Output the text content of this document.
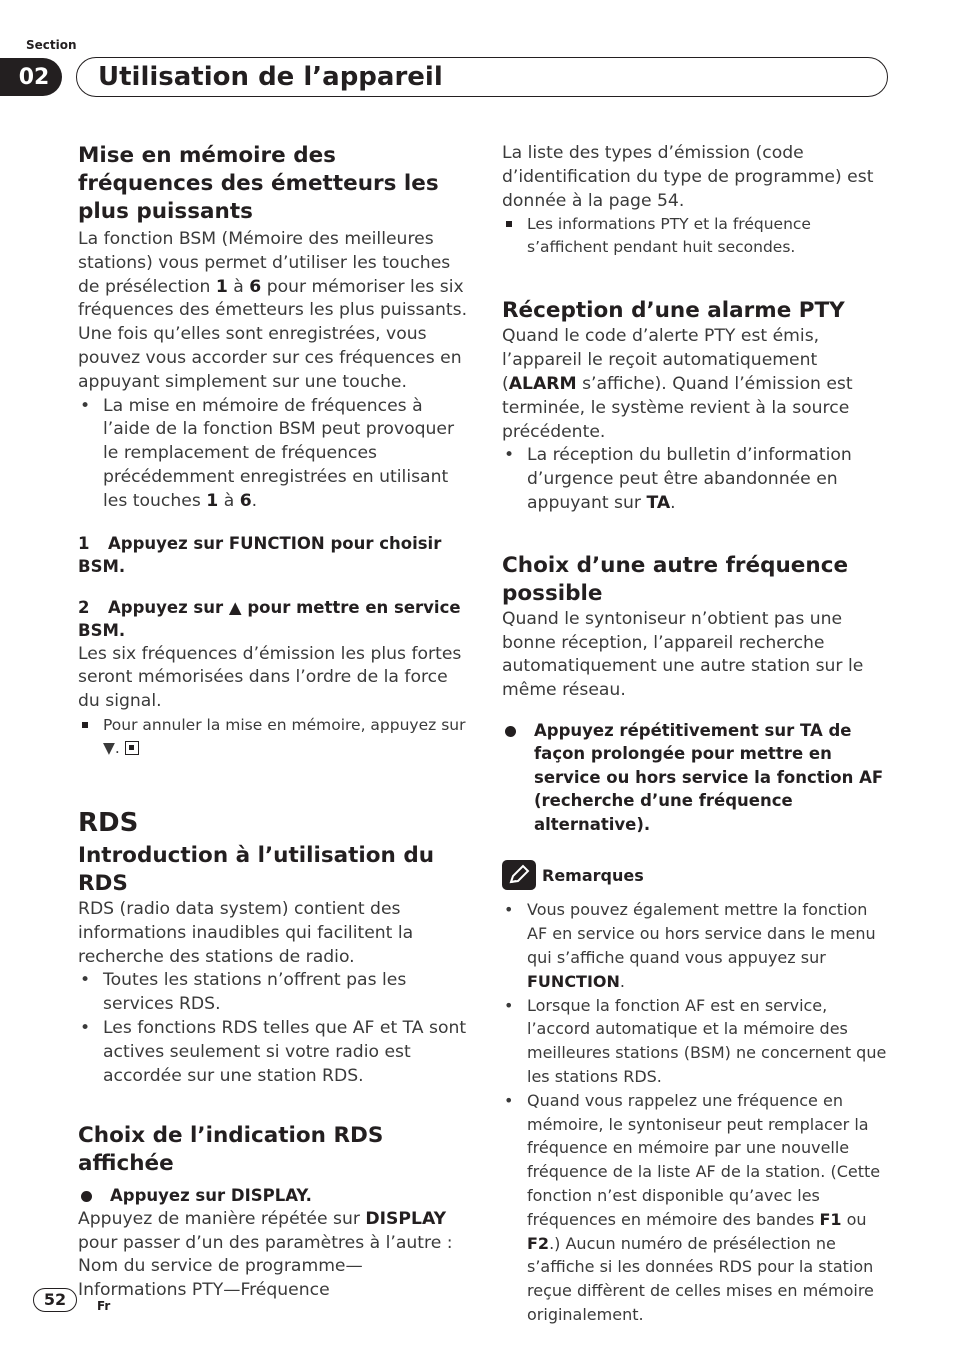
Section
02	Utilisation de l’appareil
Mise en mémoire des fréquences des émetteurs les plus puissants

La fonction BSM (Mémoire des meilleures stations) vous permet d’utiliser les touches de présélection 1 à 6 pour mémoriser les six fréquences des émetteurs les plus puissants. Une fois qu’elles sont enregistrées, vous pouvez vous accorder sur ces fréquences en appuyant simplement sur une touche.

• La mise en mémoire de fréquences à l’aide de la fonction BSM peut provoquer le remplacement de fréquences précédemment enregistrées en utilisant les touches 1 à 6.
1 Appuyez sur FUNCTION pour choisir BSM.
2 Appuyez sur ▲ pour mettre en service BSM.

Les six fréquences d’émission les plus fortes seront mémorisées dans l’ordre de la force du signal.

Pour annuler la mise en mémoire, appuyez sur ▼.
RDS
Introduction à l’utilisation du RDS

RDS (radio data system) contient des informations inaudibles qui facilitent la recherche des stations de radio.

• Toutes les stations n’offrent pas les services RDS.
• Les fonctions RDS telles que AF et TA sont actives seulement si votre radio est accordée sur une station RDS.
Choix de l’indication RDS affichée
Appuyez sur DISPLAY.

Appuyez de manière répétée sur DISPLAY pour passer d’un des paramètres à l’autre : Nom du service de programme—Informations PTY—Fréquence

La liste des types d’émission (code d’identification du type de programme) est donnée à la page 54.

Les informations PTY et la fréquence s’affichent pendant huit secondes.
Réception d’une alarme PTY

Quand le code d’alerte PTY est émis, l’appareil le reçoit automatiquement (ALARM s’affiche). Quand l’émission est terminée, le système revient à la source précédente.

• La réception du bulletin d’information d’urgence peut être abandonnée en appuyant sur TA.
Choix d’une autre fréquence possible

Quand le syntoniseur n’obtient pas une bonne réception, l’appareil recherche automatiquement une autre station sur le même réseau.

Appuyez répétitivement sur TA de façon prolongée pour mettre en service ou hors service la fonction AF (recherche d’une fréquence alternative).
Remarques
• Vous pouvez également mettre la fonction AF en service ou hors service dans le menu qui s’affiche quand vous appuyez sur FUNCTION.
• Lorsque la fonction AF est en service, l’accord automatique et la mémoire des meilleures stations (BSM) ne concernent que les stations RDS.
• Quand vous rappelez une fréquence en mémoire, le syntoniseur peut remplacer la fréquence en mémoire par une nouvelle fréquence de la liste AF de la station. (Cette fonction n’est disponible qu’avec les fréquences en mémoire des bandes F1 ou F2.) Aucun numéro de présélection ne s’affiche si les données RDS pour la station reçue diffèrent de celles mises en mémoire originalement.
52	Fr
